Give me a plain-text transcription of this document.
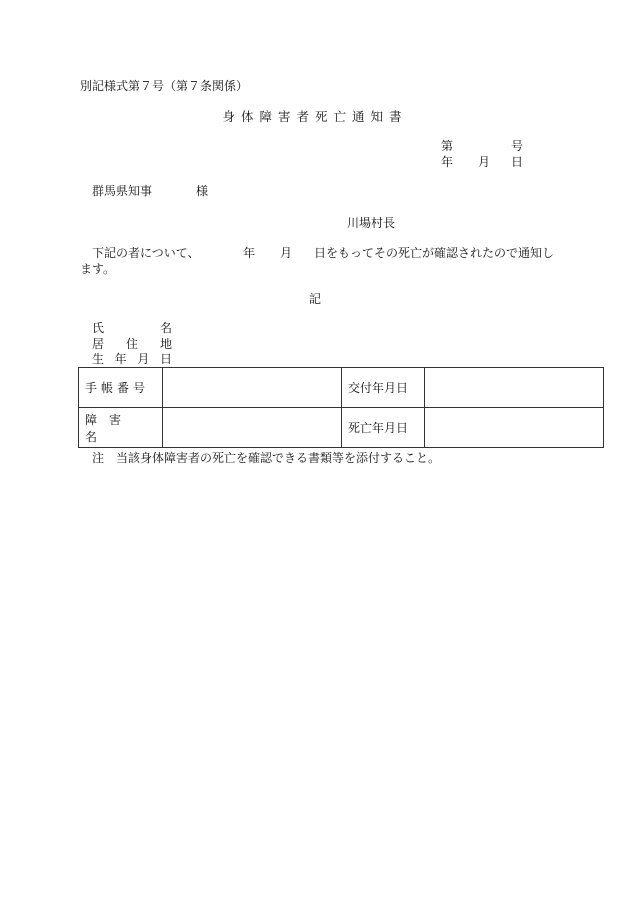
別記様式第７号（第７条関係）
身体障害者死亡通知書
第	号
年 月 日
群馬県知事	様
川場村長
下記の者について、	年 月 日をもってその死亡が確認されたので通知し
ます。
記
氏	名
居 住 地
生 年 月 日
手帳番号		交付年月日	
障害名		死亡年月日	
注　当該身体障害者の死亡を確認できる書類等を添付すること。
